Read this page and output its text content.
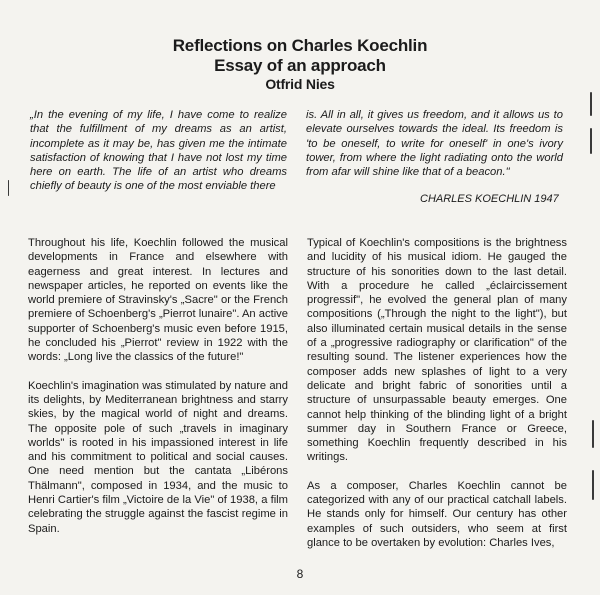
Reflections on Charles Koechlin
Essay of an approach
Otfrid Nies
„In the evening of my life, I have come to realize that the fulfillment of my dreams as an artist, incomplete as it may be, has given me the intimate satisfaction of knowing that I have not lost my time here on earth. The life of an artist who dreams chiefly of beauty is one of the most enviable there
is. All in all, it gives us freedom, and it allows us to elevate ourselves towards the ideal. Its freedom is 'to be oneself, to write for oneself' in one's ivory tower, from where the light radiating onto the world from afar will shine like that of a beacon."
CHARLES KOECHLIN 1947

Throughout his life, Koechlin followed the musical developments in France and elsewhere with eagerness and great interest. In lectures and newspaper articles, he reported on events like the world premiere of Stravinsky's „Sacre" or the French premiere of Schoenberg's „Pierrot lunaire". An active supporter of Schoenberg's music even before 1915, he concluded his „Pierrot" review in 1922 with the words: „Long live the classics of the future!"

Koechlin's imagination was stimulated by nature and its delights, by Mediterranean brightness and starry skies, by the magical world of night and dreams. The opposite pole of such „travels in imaginary worlds" is rooted in his impassioned interest in life and his commitment to political and social causes. One need mention but the cantata „Libérons Thälmann", composed in 1934, and the music to Henri Cartier's film „Victoire de la Vie" of 1938, a film celebrating the struggle against the fascist regime in Spain.

Typical of Koechlin's compositions is the brightness and lucidity of his musical idiom. He gauged the structure of his sonorities down to the last detail. With a procedure he called „éclaircissement progressif", he evolved the general plan of many compositions („Through the night to the light"), but also illuminated certain musical details in the sense of a „progressive radiography or clarification" of the resulting sound. The listener experiences how the composer adds new splashes of light to a very delicate and bright fabric of sonorities until a structure of unsurpassable beauty emerges. One cannot help thinking of the blinding light of a bright summer day in Southern France or Greece, something Koechlin frequently described in his writings.

As a composer, Charles Koechlin cannot be categorized with any of our practical catchall labels. He stands only for himself. Our century has other examples of such outsiders, who seem at first glance to be overtaken by evolution: Charles Ives,

8
